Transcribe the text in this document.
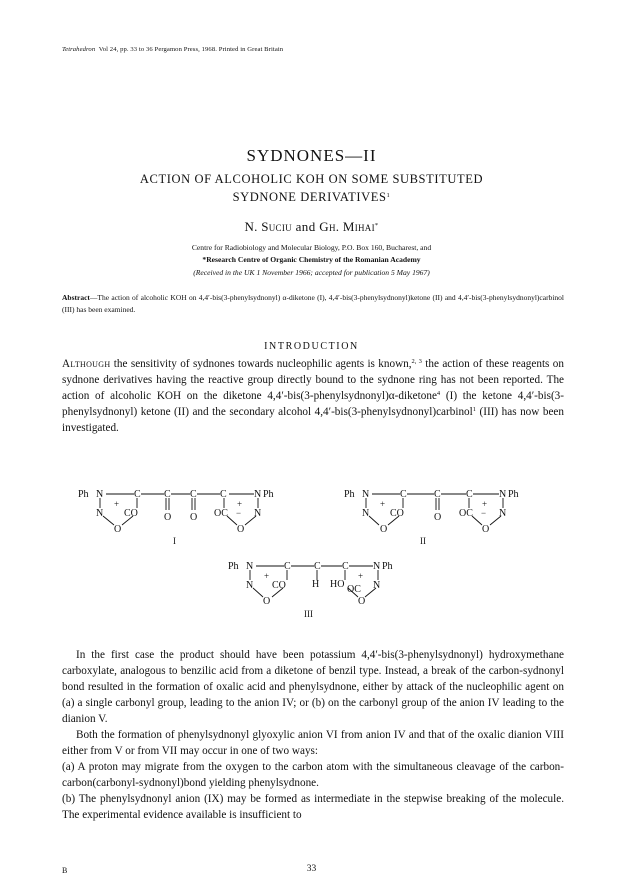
Tetrahedron Vol 24, pp. 33 to 36 Pergamon Press, 1968. Printed in Great Britain
SYDNONES—II
ACTION OF ALCOHOLIC KOH ON SOME SUBSTITUTED
SYDNONE DERIVATIVES$^1$
N. Suciu and Gh. Mihai*
Centre for Radiobiology and Molecular Biology, P.O. Box 160, Bucharest, and
*Research Centre of Organic Chemistry of the Romanian Academy
(Received in the UK 1 November 1966; accepted for publication 5 May 1967)
Abstract—The action of alcoholic KOH on 4,4′-bis(3-phenylsydnonyl) α-diketone (I), 4,4′-bis(3-phenylsydnonyl)ketone (II) and 4,4′-bis(3-phenylsydnonyl)carbinol (III) has been examined.
INTRODUCTION

Although the sensitivity of sydnones towards nucleophilic agents is known,$^{2, 3}$ the action of these reagents on sydnone derivatives having the reactive group directly bound to the sydnone ring has not been reported. The action of alcoholic KOH on the diketone 4,4′-bis(3-phenylsydnonyl)α-diketone$^4$ (I) the ketone 4,4′-bis(3-phenylsydnonyl) ketone (II) and the secondary alcohol 4,4′-bis(3-phenylsydnonyl)carbinol$^1$ (III) has now been investigated.

Ph N	C C C C	N Ph
+	+
N CO	O O OC − N
O	O
I
Ph N	C	C	C	N Ph
+	+
N CO	O OC − N
O	O
II
Ph N	C C C N Ph
+	+
N CO	H HO OC N
O	O
III

In the first case the product should have been potassium 4,4′-bis(3-phenylsydnonyl) hydroxymethane carboxylate, analogous to benzilic acid from a diketone of benzil type. Instead, a break of the carbon-sydnonyl bond resulted in the formation of oxalic acid and phenylsydnone, either by attack of the nucleophilic agent on (a) a single carbonyl group, leading to the anion IV; or (b) on the carbonyl group of the anion IV leading to the dianion V.

Both the formation of phenylsydnonyl glyoxylic anion VI from anion IV and that of the oxalic dianion VIII either from V or from VII may occur in one of two ways:

(a) A proton may migrate from the oxygen to the carbon atom with the simultaneous cleavage of the carbon-carbon(carbonyl-sydnonyl)bond yielding phenylsydnone.

(b) The phenylsydnonyl anion (IX) may be formed as intermediate in the stepwise breaking of the molecule. The experimental evidence available is insufficient to

B	33
